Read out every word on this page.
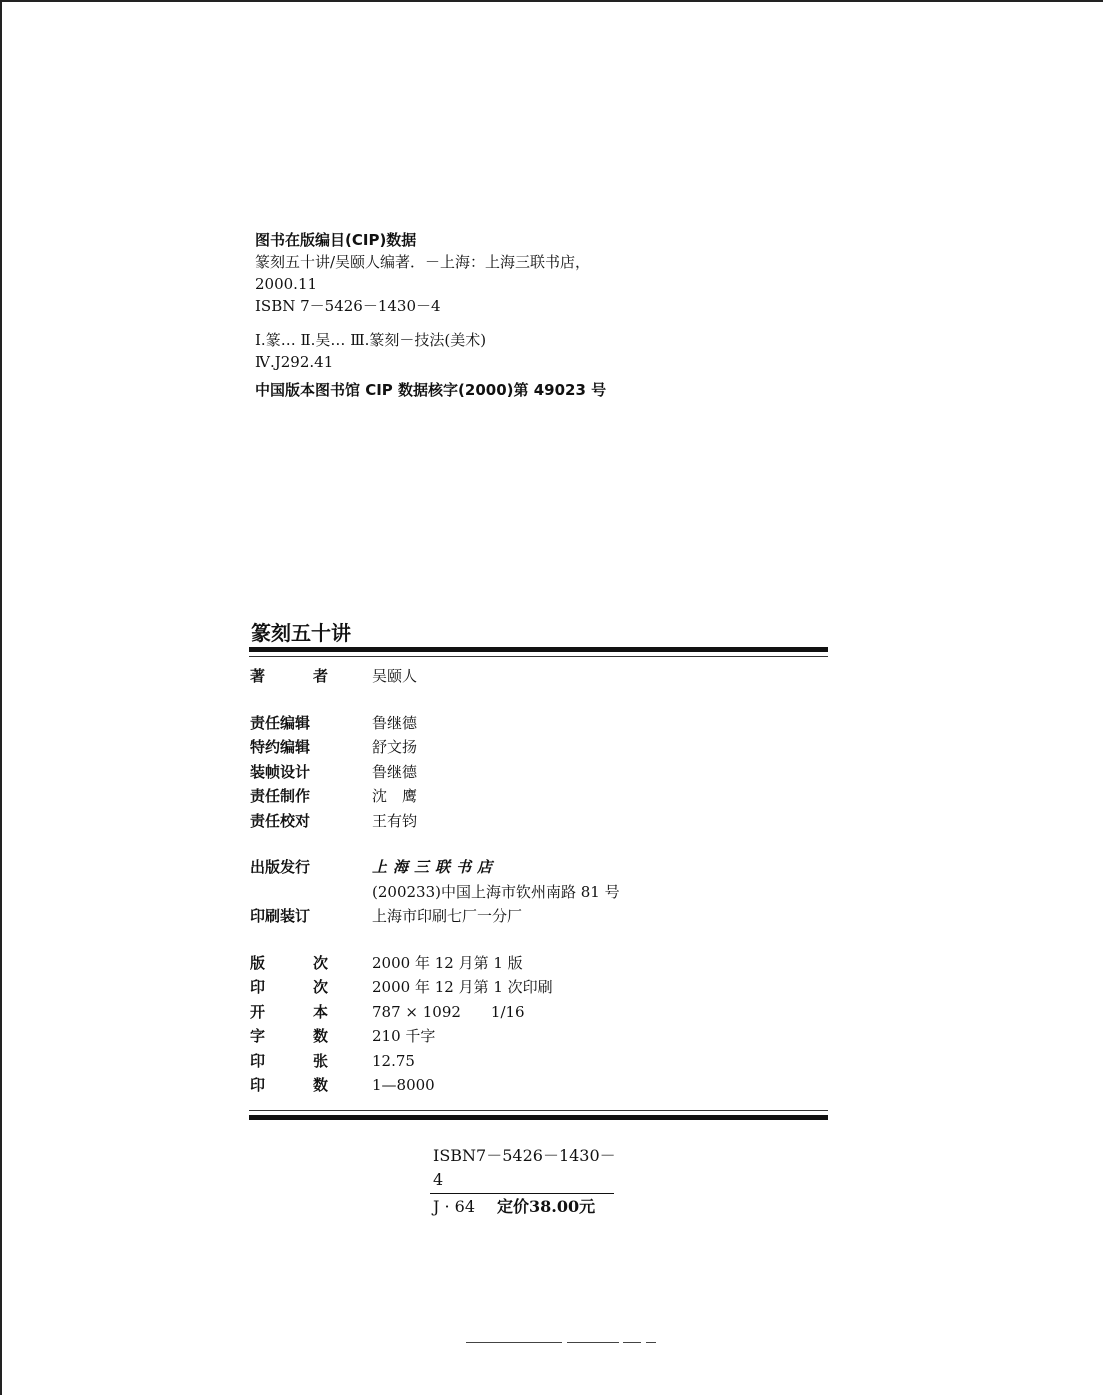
图书在版编目(CIP)数据
篆刻五十讲/吴颐人编著．－上海：上海三联书店，
2000.11
ISBN 7－5426－1430－4
Ⅰ.篆… Ⅱ.吴… Ⅲ.篆刻－技法(美术)
Ⅳ.J292.41
中国版本图书馆 CIP 数据核字(2000)第 49023 号
篆刻五十讲
著	者	吴颐人
责任编辑	鲁继德
特约编辑	舒文扬
装帧设计	鲁继德
责任制作	沈　鹰
责任校对	王有钧
出版发行	上海三联书店
(200233)中国上海市钦州南路 81 号
印刷装订	上海市印刷七厂一分厂
版	次	2000 年 12 月第 1 版
印	次	2000 年 12 月第 1 次印刷
开	本	787 × 1092　　1/16
字	数	210 千字
印	张	12.75
印	数	1—8000
ISBN7－5426－1430－4
J · 64	定价38.00元
